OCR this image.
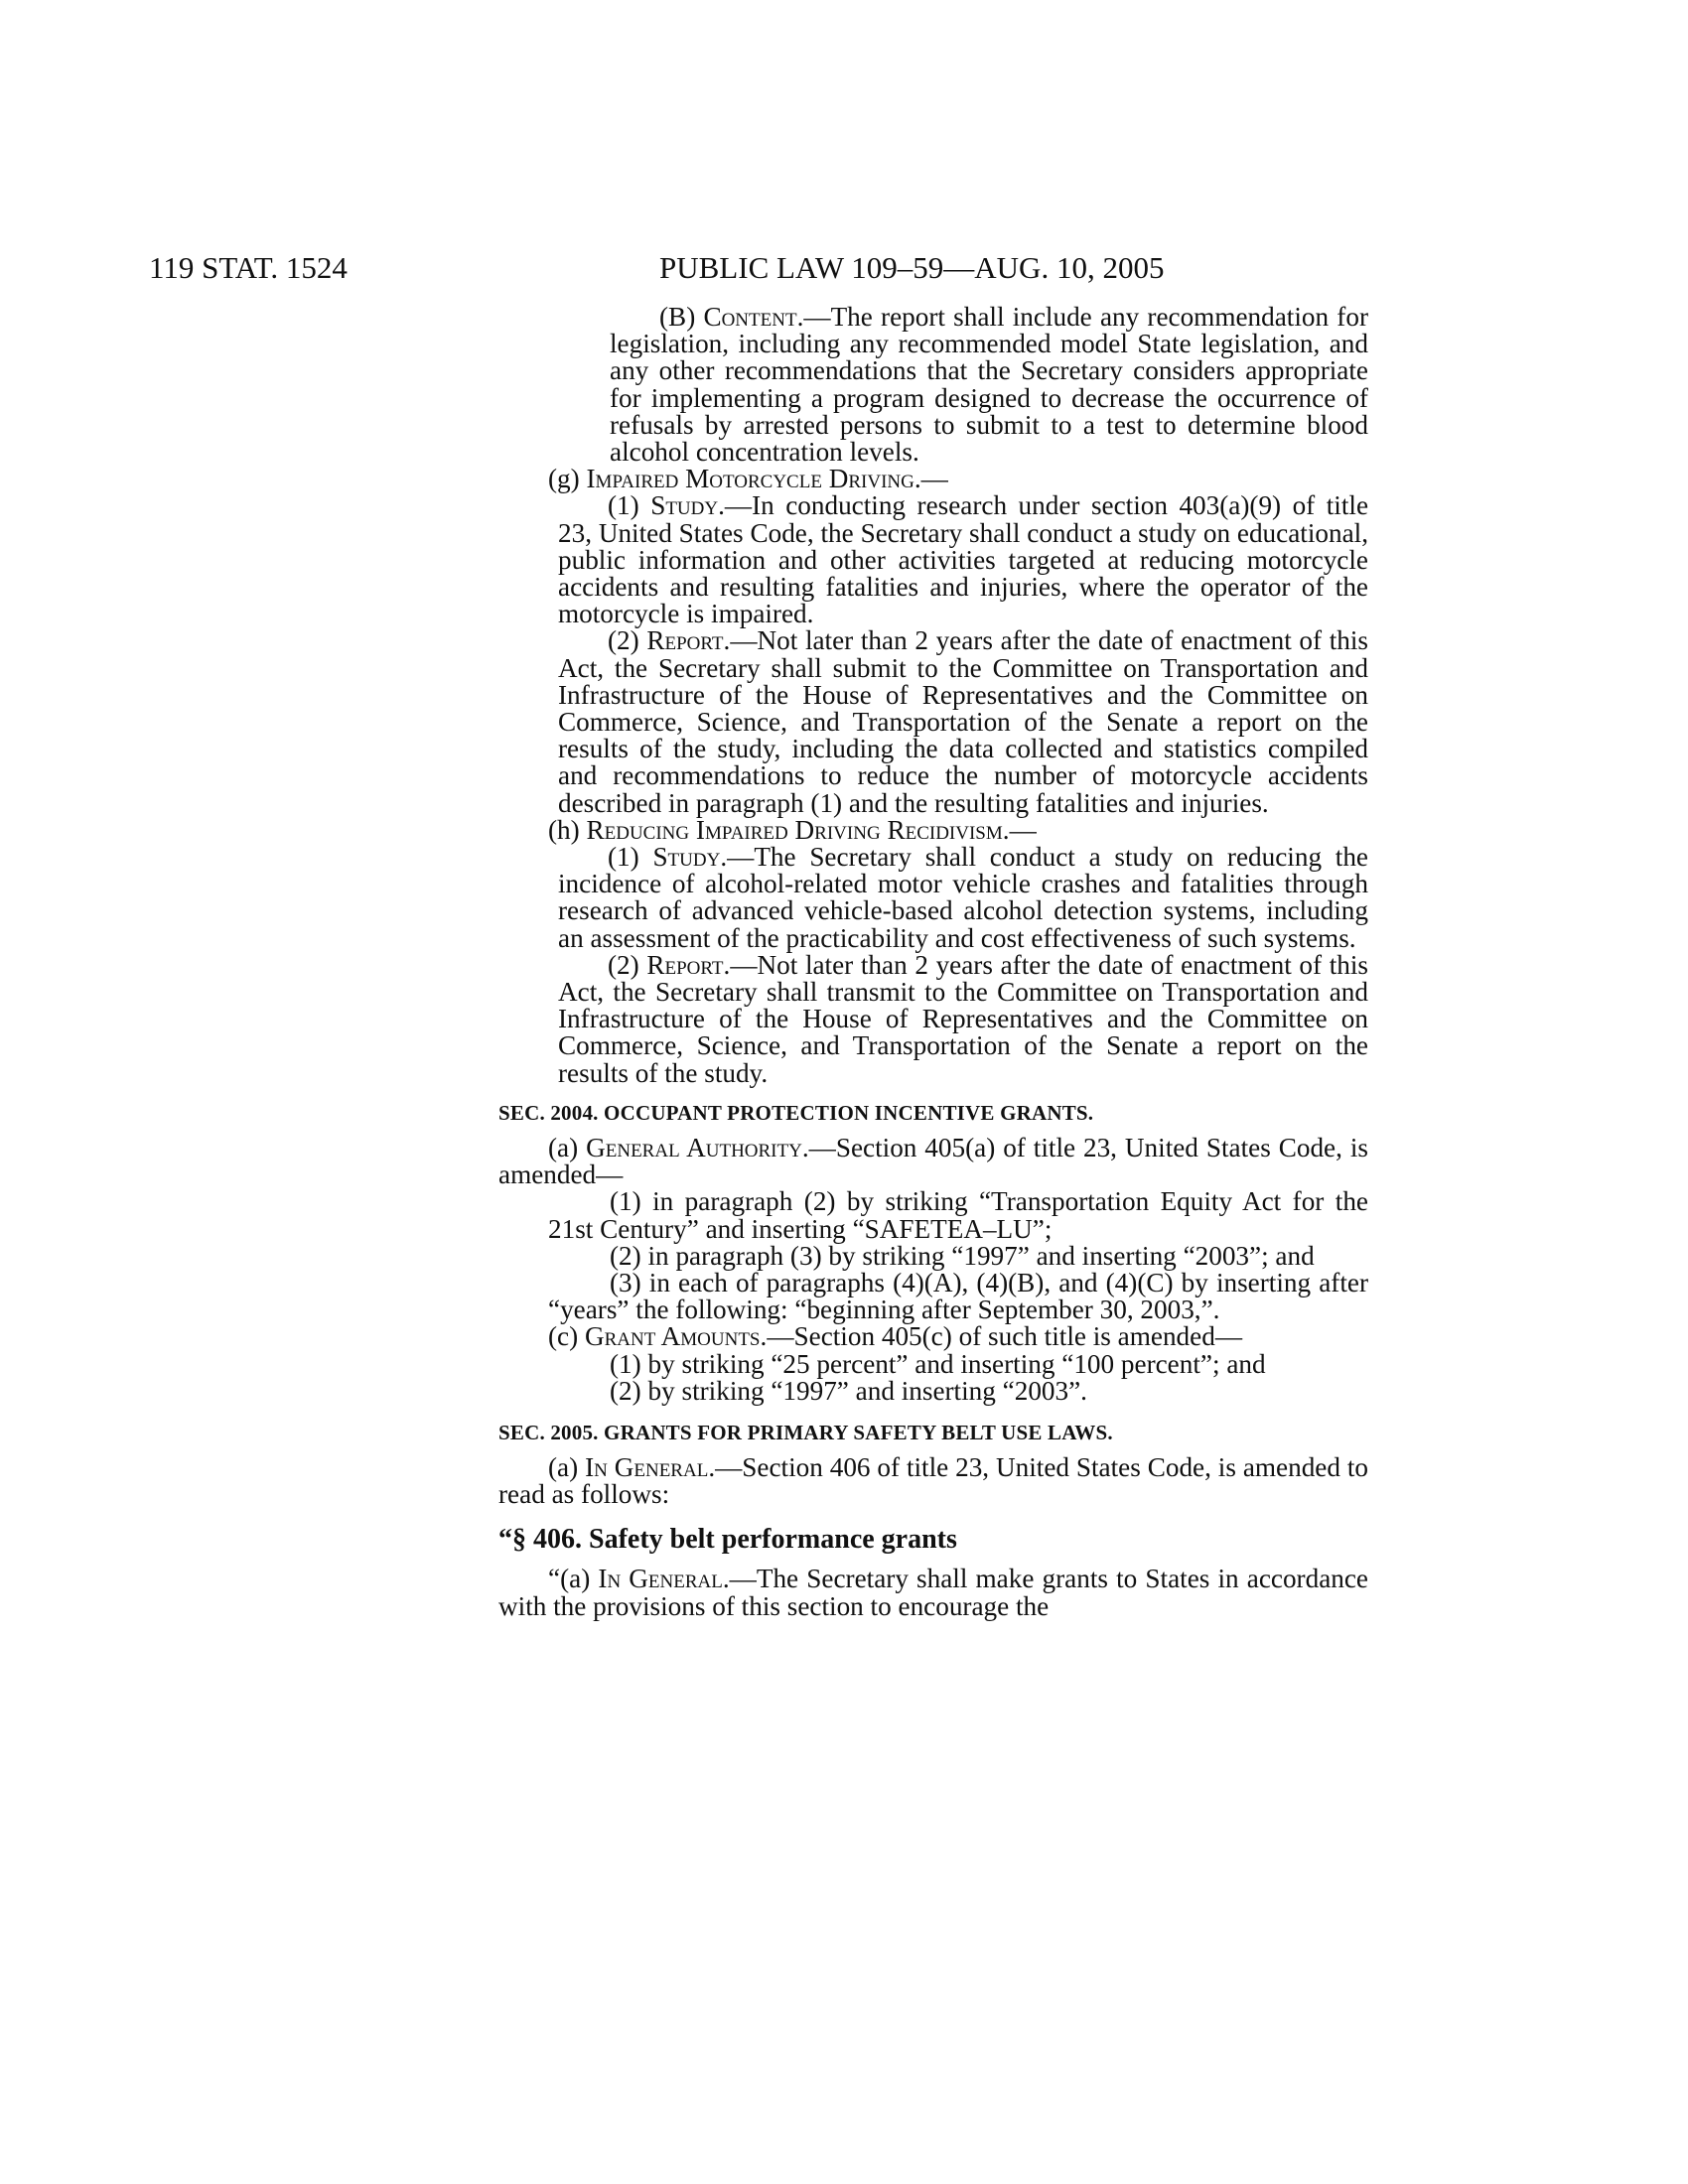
119 STAT. 1524	PUBLIC LAW 109–59—AUG. 10, 2005

(B) Content.—The report shall include any recommendation for legislation, including any recommended model State legislation, and any other recommendations that the Secretary considers appropriate for implementing a program designed to decrease the occurrence of refusals by arrested persons to submit to a test to determine blood alcohol concentration levels.

(g) Impaired Motorcycle Driving.—

(1) Study.—In conducting research under section 403(a)(9) of title 23, United States Code, the Secretary shall conduct a study on educational, public information and other activities targeted at reducing motorcycle accidents and resulting fatalities and injuries, where the operator of the motorcycle is impaired.

(2) Report.—Not later than 2 years after the date of enactment of this Act, the Secretary shall submit to the Committee on Transportation and Infrastructure of the House of Representatives and the Committee on Commerce, Science, and Transportation of the Senate a report on the results of the study, including the data collected and statistics compiled and recommendations to reduce the number of motorcycle accidents described in paragraph (1) and the resulting fatalities and injuries.

(h) Reducing Impaired Driving Recidivism.—

(1) Study.—The Secretary shall conduct a study on reducing the incidence of alcohol-related motor vehicle crashes and fatalities through research of advanced vehicle-based alcohol detection systems, including an assessment of the practicability and cost effectiveness of such systems.

(2) Report.—Not later than 2 years after the date of enactment of this Act, the Secretary shall transmit to the Committee on Transportation and Infrastructure of the House of Representatives and the Committee on Commerce, Science, and Transportation of the Senate a report on the results of the study.

SEC. 2004. OCCUPANT PROTECTION INCENTIVE GRANTS.

(a) General Authority.—Section 405(a) of title 23, United States Code, is amended—

(1) in paragraph (2) by striking “Transportation Equity Act for the 21st Century” and inserting “SAFETEA–LU”;

(2) in paragraph (3) by striking “1997” and inserting “2003”; and

(3) in each of paragraphs (4)(A), (4)(B), and (4)(C) by inserting after “years” the following: “beginning after September 30, 2003,”.

(c) Grant Amounts.—Section 405(c) of such title is amended—

(1) by striking “25 percent” and inserting “100 percent”; and

(2) by striking “1997” and inserting “2003”.

SEC. 2005. GRANTS FOR PRIMARY SAFETY BELT USE LAWS.

(a) In General.—Section 406 of title 23, United States Code, is amended to read as follows:

“§ 406. Safety belt performance grants

“(a) In General.—The Secretary shall make grants to States in accordance with the provisions of this section to encourage the
